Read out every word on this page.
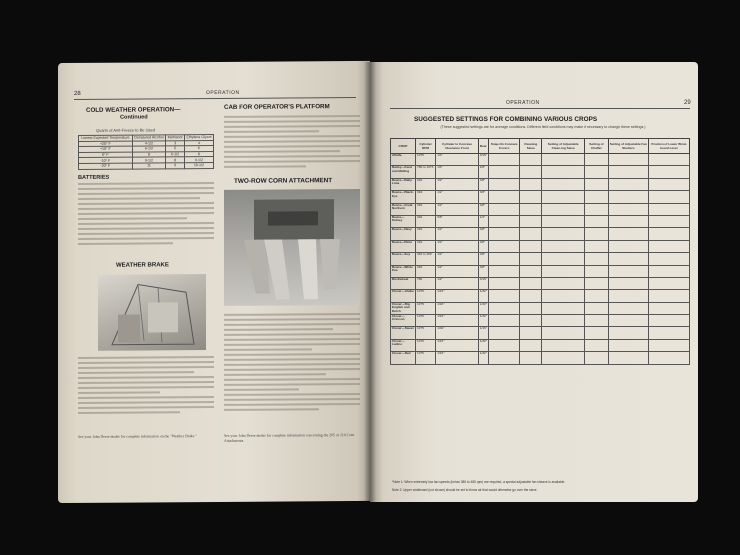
28	OPERATION
COLD WEATHER OPERATION—
Continued
Quarts of Anti-Freeze to Be Used
Lowest Expected Temperature	Denatured Alcohol	Methanol	Ethylene Glycol
+20° F	4-1/2	3	4
+10° F	6-1/2	5	6
0° F	8	6-1/2	8
-10° F	9-1/2	8	9-1/2
-20° F	11	9	10-1/2
BATTERIES
WEATHER BRAKE
See your John Deere dealer for complete information on the "Weather Brake."
CAB FOR OPERATOR'S PLATFORM
TWO-ROW CORN ATTACHMENT
See your John Deere dealer for complete information concerning the 205 or 210 Corn Attachments.
OPERATION	29
SUGGESTED SETTINGS FOR COMBINING VARIOUS CROPS
(These suggested settings are for average conditions. Different field conditions may make it necessary to change these settings.)
CROP	Cylinder RPM	Cylinder to Concave Clearance Front	Rear	Snap-On Concave Covers	Cleaning Sieve	Setting of Adjustable Clean-ing Sieve	Setting of Chaffer	Setting of Adjustable Fan Shutters	Position of Lower Wind-board Lever
Alfalfa	1075	1/4"	3/16"						
Barley—Feed and Malting	780 to 1075	1/4"	1/8"						
Beans—Baby Lima	394	1/2"	3/8"						
Beans—Black-Eye	394	1/2"	3/8"						
Beans—Great Northern	394	1/2"	3/8"						
Beans—Kidney	394	5/8"	1/2"						
Beans—Navy	394	1/2"	3/8"						
Beans—Pinto	394	1/2"	3/8"						
Beans—Soy	394 to 460	1/2"	3/8"						
Beans—White Pea	394	1/2"	3/8"						
Buckwheat	780	1/2"	3/16"						
Clover—Alsike	1075	1/16"	1/32"						
Clover—Big English and Dutch	1075	1/16"	1/32"						
Clover—Crimson	1075	1/16"	1/32"						
Clover—Sweet	1075	1/32"	1/16"						
Clover—Ladino	1075	1/16"	1/32"						
Clover—Red	1075	1/16"	1/32"						
*Note 1: When extremely low fan speeds (below 385 to 485 rpm) are required, a special adjustable fan sheave is available.
Note 2: Upper windboard (not shown) should be set to throw air that would otherwise go over the sieve.
